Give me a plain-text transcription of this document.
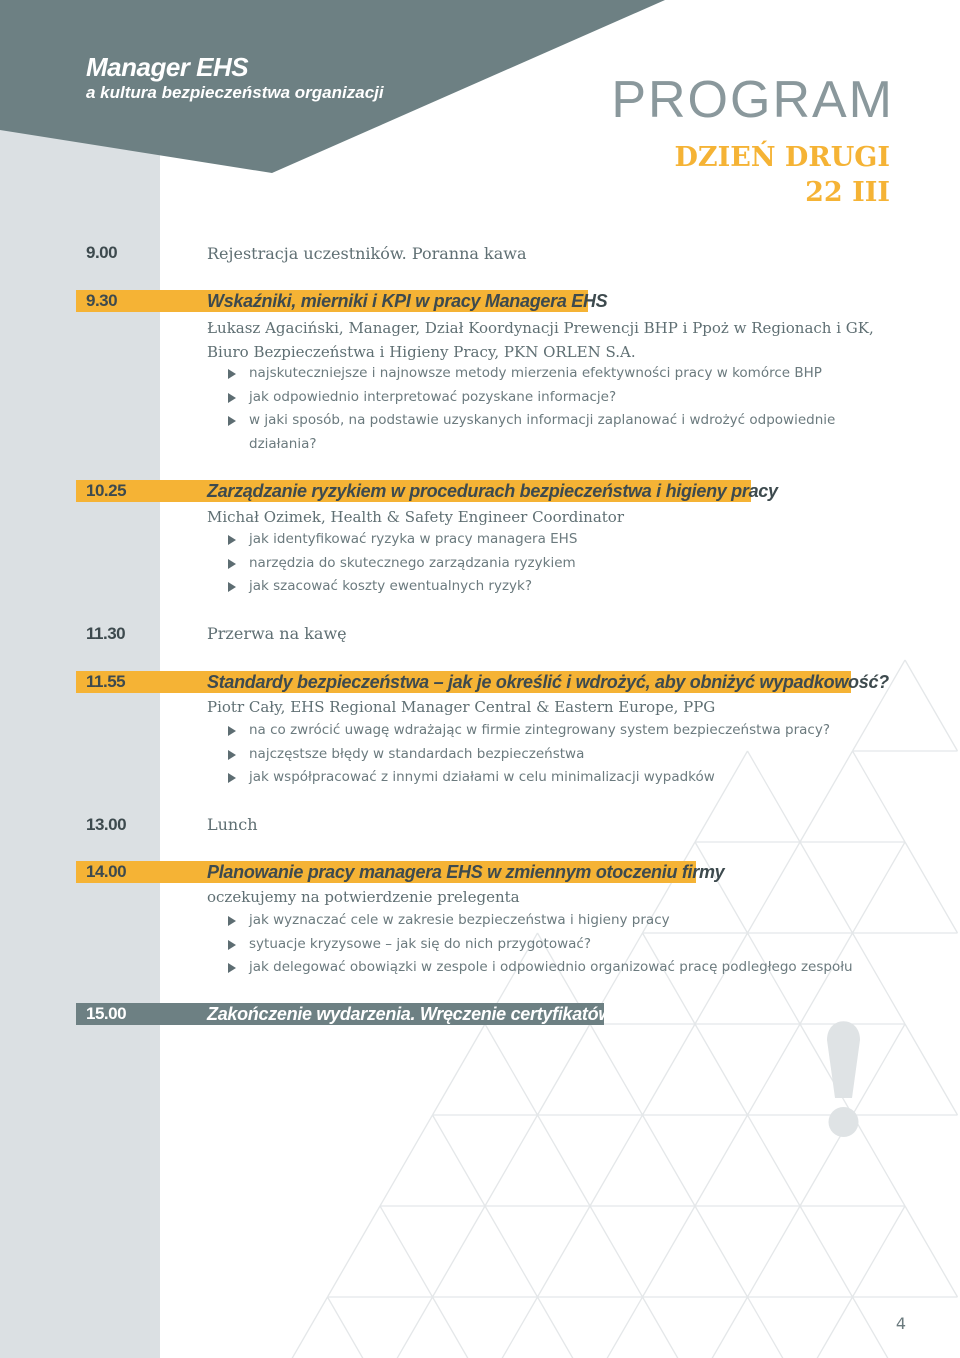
Manager EHS
a kultura bezpieczeństwa organizacji	PROGRAM
DZIEŃ DRUGI
22 III
9.00	Rejestracja uczestników. Poranna kawa
9.30	Wskaźniki, mierniki i KPI w pracy Managera EHS
Łukasz Agaciński, Manager, Dział Koordynacji Prewencji BHP i Ppoż w Regionach i GK, Biuro Bezpieczeństwa i Higieny Pracy, PKN ORLEN S.A.
najskuteczniejsze i najnowsze metody mierzenia efektywności pracy w komórce BHP
jak odpowiednio interpretować pozyskane informacje?
w jaki sposób, na podstawie uzyskanych informacji zaplanować i wdrożyć odpowiednie działania?
10.25	Zarządzanie ryzykiem w procedurach bezpieczeństwa i higieny pracy
Michał Ozimek, Health & Safety Engineer Coordinator
jak identyfikować ryzyka w pracy managera EHS
narzędzia do skutecznego zarządzania ryzykiem
jak szacować koszty ewentualnych ryzyk?
11.30	Przerwa na kawę
11.55	Standardy bezpieczeństwa – jak je określić i wdrożyć, aby obniżyć wypadkowość?
Piotr Cały, EHS Regional Manager Central & Eastern Europe, PPG
na co zwrócić uwagę wdrażając w firmie zintegrowany system bezpieczeństwa pracy?
najczęstsze błędy w standardach bezpieczeństwa
jak współpracować z innymi działami w celu minimalizacji wypadków
13.00	Lunch
14.00	Planowanie pracy managera EHS w zmiennym otoczeniu firmy
oczekujemy na potwierdzenie prelegenta
jak wyznaczać cele w zakresie bezpieczeństwa i higieny pracy
sytuacje kryzysowe – jak się do nich przygotować?
jak delegować obowiązki w zespole i odpowiednio organizować pracę podległego zespołu
15.00	Zakończenie wydarzenia. Wręczenie certyfikatów
4
